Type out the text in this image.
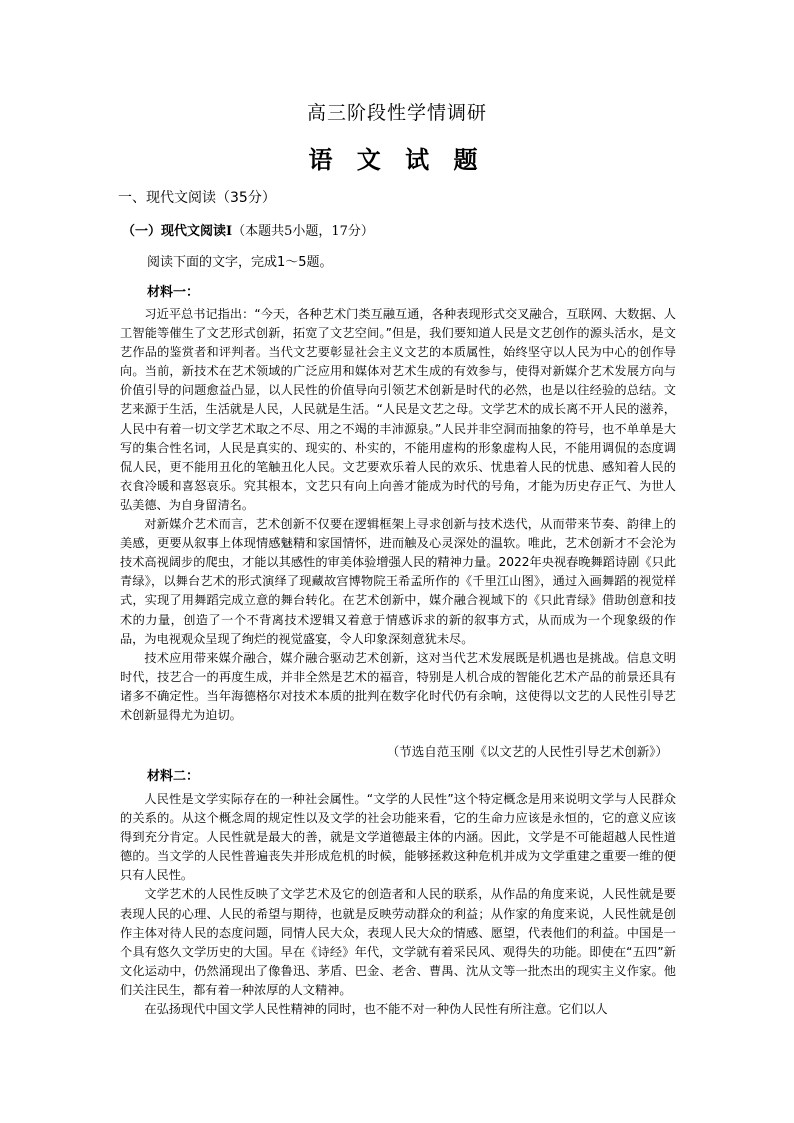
高三阶段性学情调研
语 文 试 题
一、现代文阅读（35分）
（一）现代文阅读Ⅰ（本题共5小题，17分）
阅读下面的文字，完成1～5题。
材料一：

习近平总书记指出：“今天，各种艺术门类互融互通，各种表现形式交叉融合，互联网、大数据、人工智能等催生了文艺形式创新，拓宽了文艺空间。”但是，我们要知道人民是文艺创作的源头活水，是文艺作品的鉴赏者和评判者。当代文艺要彰显社会主义文艺的本质属性，始终坚守以人民为中心的创作导向。当前，新技术在艺术领域的广泛应用和媒体对艺术生成的有效参与，使得对新媒介艺术发展方向与价值引导的问题愈益凸显，以人民性的价值导向引领艺术创新是时代的必然，也是以往经验的总结。文艺来源于生活，生活就是人民，人民就是生活。“人民是文艺之母。文学艺术的成长离不开人民的滋养，人民中有着一切文学艺术取之不尽、用之不竭的丰沛源泉。”人民并非空洞而抽象的符号，也不单单是大写的集合性名词，人民是真实的、现实的、朴实的，不能用虚构的形象虚构人民，不能用调侃的态度调侃人民，更不能用丑化的笔触丑化人民。文艺要欢乐着人民的欢乐、忧患着人民的忧患、感知着人民的衣食冷暖和喜怒哀乐。究其根本，文艺只有向上向善才能成为时代的号角，才能为历史存正气、为世人弘美德、为自身留清名。

对新媒介艺术而言，艺术创新不仅要在逻辑框架上寻求创新与技术迭代，从而带来节奏、韵律上的美感，更要从叙事上体现情感魅精和家国情怀，进而触及心灵深处的温软。唯此，艺术创新才不会沦为技术高视阔步的爬虫，才能以其感性的审美体验增强人民的精神力量。2022年央视春晚舞蹈诗剧《只此青绿》，以舞台艺术的形式演绎了现藏故宫博物院王希孟所作的《千里江山图》，通过入画舞蹈的视觉样式，实现了用舞蹈完成立意的舞台转化。在艺术创新中，媒介融合视域下的《只此青绿》借助创意和技术的力量，创造了一个不背离技术逻辑又着意于情感诉求的新的叙事方式，从而成为一个现象级的作品，为电视观众呈现了绚烂的视觉盛宴，令人印象深刻意犹未尽。

技术应用带来媒介融合，媒介融合驱动艺术创新，这对当代艺术发展既是机遇也是挑战。信息文明时代，技艺合一的再度生成，并非全然是艺术的福音，特别是人机合成的智能化艺术产品的前景还具有诸多不确定性。当年海德格尔对技术本质的批判在数字化时代仍有余响，这使得以文艺的人民性引导艺术创新显得尤为迫切。

（节选自范玉刚《以文艺的人民性引导艺术创新》）
材料二：

人民性是文学实际存在的一种社会属性。“文学的人民性”这个特定概念是用来说明文学与人民群众的关系的。从这个概念周的规定性以及文学的社会功能来看，它的生命力应该是永恒的，它的意义应该得到充分肯定。人民性就是最大的善，就是文学道德最主体的内涵。因此，文学是不可能超越人民性道德的。当文学的人民性普遍丧失并形成危机的时候，能够拯救这种危机并成为文学重建之重要一维的便只有人民性。

文学艺术的人民性反映了文学艺术及它的创造者和人民的联系，从作品的角度来说，人民性就是要表现人民的心理、人民的希望与期待，也就是反映劳动群众的利益；从作家的角度来说，人民性就是创作主体对待人民的态度问题，同情人民大众，表现人民大众的情感、愿望，代表他们的利益。中国是一个具有悠久文学历史的大国。早在《诗经》年代，文学就有着采民风、观得失的功能。即使在“五四”新文化运动中，仍然涌现出了像鲁迅、茅盾、巴金、老舍、曹禺、沈从文等一批杰出的现实主义作家。他们关注民生，都有着一种浓厚的人文精神。

在弘扬现代中国文学人民性精神的同时，也不能不对一种伪人民性有所注意。它们以人
